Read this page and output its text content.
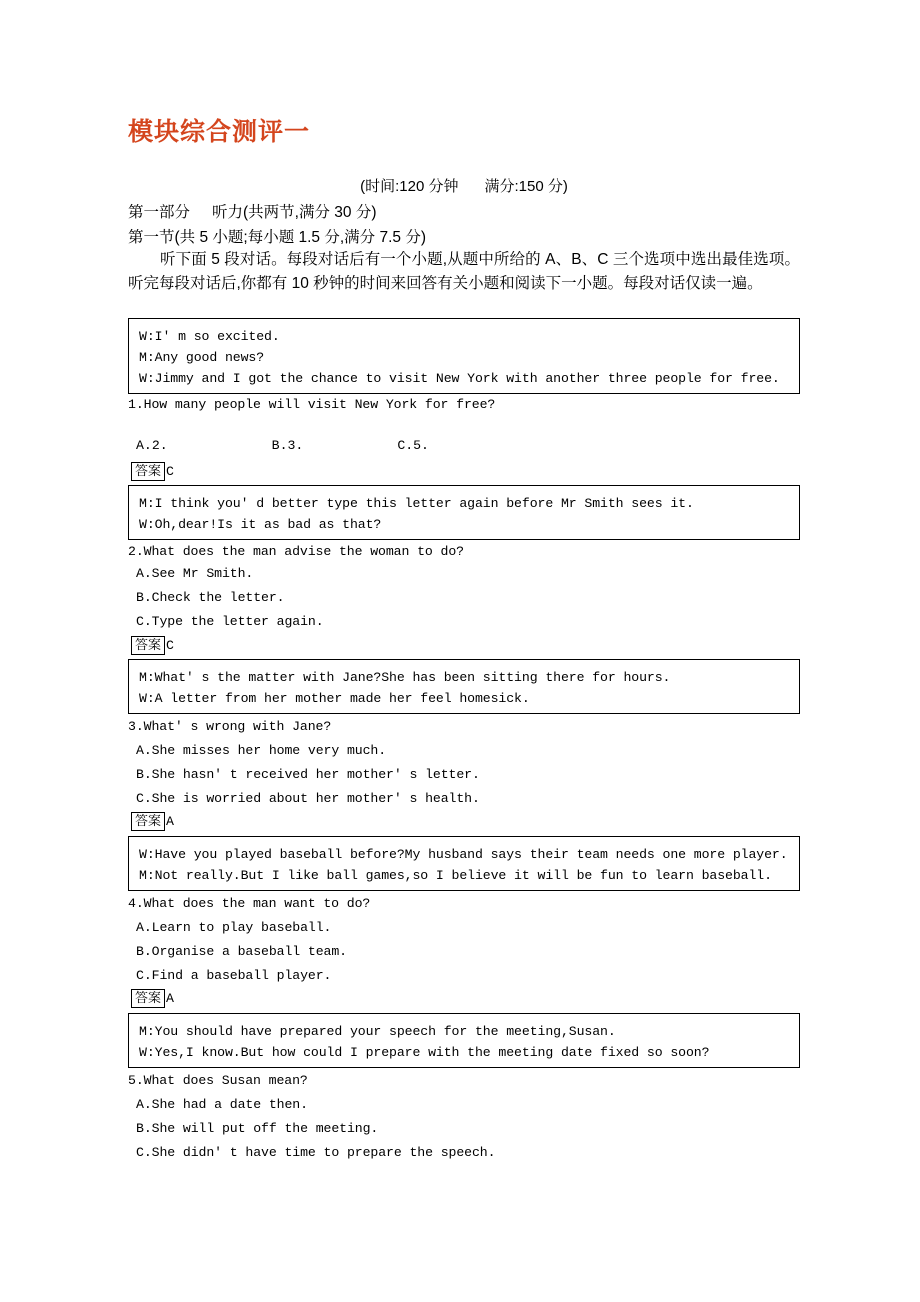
模块综合测评一
(时间:120 分钟 满分:150 分)
第一部分 听力(共两节,满分 30 分)
第一节(共 5 小题;每小题 1.5 分,满分 7.5 分)
听下面 5 段对话。每段对话后有一个小题,从题中所给的 A、B、C 三个选项中选出最佳选项。听完每段对话后,你都有 10 秒钟的时间来回答有关小题和阅读下一小题。每段对话仅读一遍。
W:I' m so excited.
M:Any good news?
W:Jimmy and I got the chance to visit New York with another three people for free.
1.How many people will visit New York for free?
A.2.	B.3.	C.5.
答案 C
M:I think you' d better type this letter again before Mr Smith sees it.
W:Oh,dear!Is it as bad as that?
2.What does the man advise the woman to do?
A.See Mr Smith.
B.Check the letter.
C.Type the letter again.
答案 C
M:What' s the matter with Jane?She has been sitting there for hours.
W:A letter from her mother made her feel homesick.
3.What' s wrong with Jane?
A.She misses her home very much.
B.She hasn' t received her mother' s letter.
C.She is worried about her mother' s health.
答案 A
W:Have you played baseball before?My husband says their team needs one more player.
M:Not really.But I like ball games,so I believe it will be fun to learn baseball.
4.What does the man want to do?
A.Learn to play baseball.
B.Organise a baseball team.
C.Find a baseball player.
答案 A
M:You should have prepared your speech for the meeting,Susan.
W:Yes,I know.But how could I prepare with the meeting date fixed so soon?
5.What does Susan mean?
A.She had a date then.
B.She will put off the meeting.
C.She didn' t have time to prepare the speech.
